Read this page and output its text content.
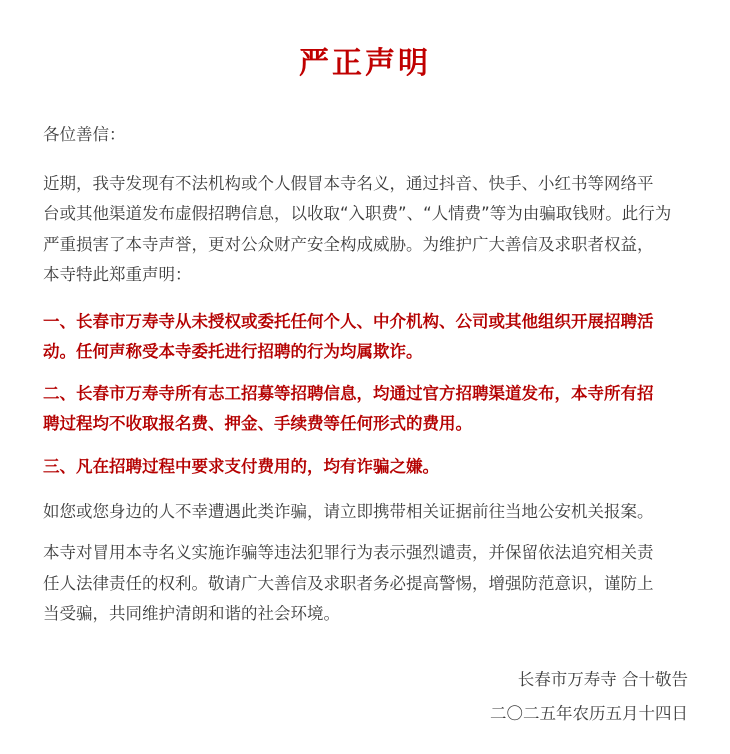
严正声明
各位善信：
近期，我寺发现有不法机构或个人假冒本寺名义，通过抖音、快手、小红书等网络平
台或其他渠道发布虚假招聘信息，以收取“入职费”、“人情费”等为由骗取钱财。此行为
严重损害了本寺声誉，更对公众财产安全构成威胁。为维护广大善信及求职者权益，
本寺特此郑重声明：
一、长春市万寿寺从未授权或委托任何个人、中介机构、公司或其他组织开展招聘活
动。任何声称受本寺委托进行招聘的行为均属欺诈。
二、长春市万寿寺所有志工招募等招聘信息，均通过官方招聘渠道发布，本寺所有招
聘过程均不收取报名费、押金、手续费等任何形式的费用。
三、凡在招聘过程中要求支付费用的，均有诈骗之嫌。
如您或您身边的人不幸遭遇此类诈骗，请立即携带相关证据前往当地公安机关报案。
本寺对冒用本寺名义实施诈骗等违法犯罪行为表示强烈谴责，并保留依法追究相关责
任人法律责任的权利。敬请广大善信及求职者务必提高警惕，增强防范意识，谨防上
当受骗，共同维护清朗和谐的社会环境。
长春市万寿寺 合十敬告
二〇二五年农历五月十四日
